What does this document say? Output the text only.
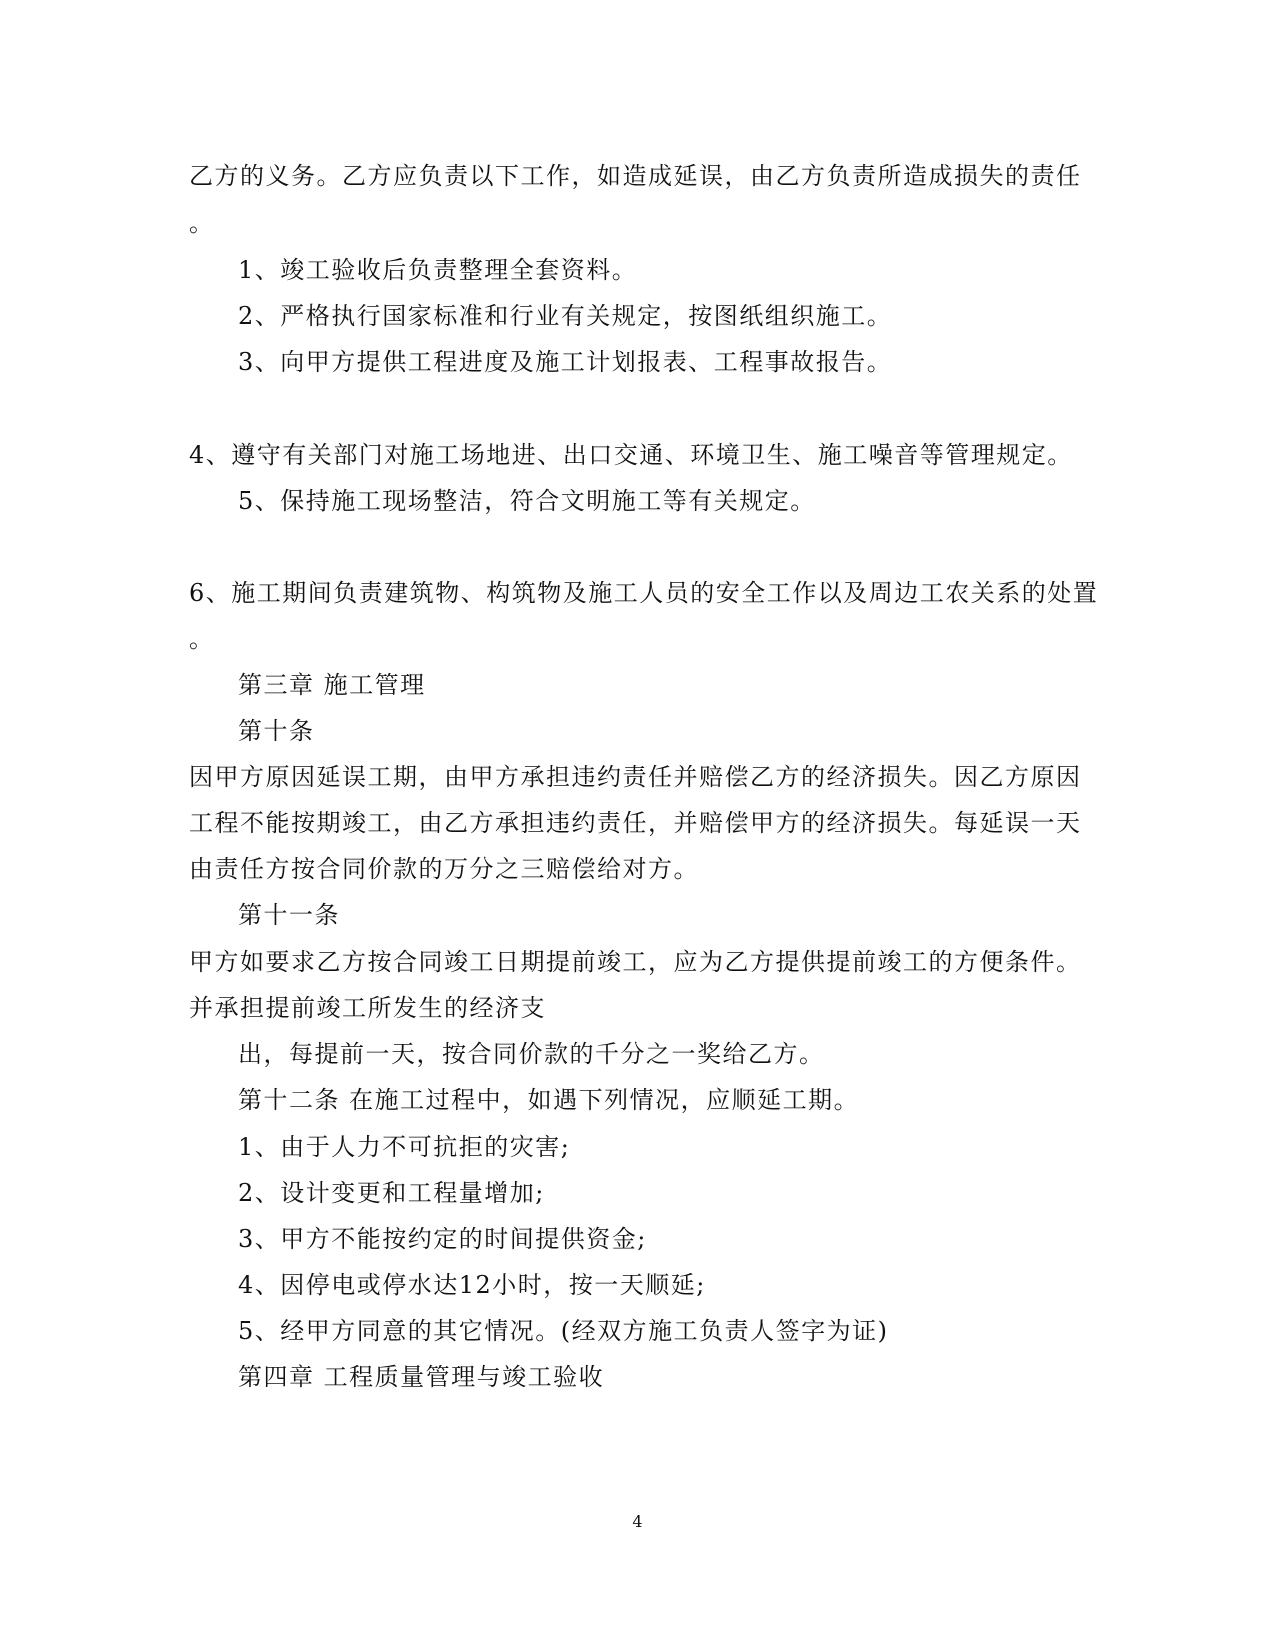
乙方的义务。乙方应负责以下工作，如造成延误，由乙方负责所造成损失的责任
。
1、竣工验收后负责整理全套资料。
2、严格执行国家标准和行业有关规定，按图纸组织施工。
3、向甲方提供工程进度及施工计划报表、工程事故报告。
4、遵守有关部门对施工场地进、出口交通、环境卫生、施工噪音等管理规定。
5、保持施工现场整洁，符合文明施工等有关规定。
6、施工期间负责建筑物、构筑物及施工人员的安全工作以及周边工农关系的处置
。
第三章 施工管理
第十条
因甲方原因延误工期，由甲方承担违约责任并赔偿乙方的经济损失。因乙方原因
工程不能按期竣工，由乙方承担违约责任，并赔偿甲方的经济损失。每延误一天
由责任方按合同价款的万分之三赔偿给对方。
第十一条
甲方如要求乙方按合同竣工日期提前竣工，应为乙方提供提前竣工的方便条件。
并承担提前竣工所发生的经济支
出，每提前一天，按合同价款的千分之一奖给乙方。
第十二条 在施工过程中，如遇下列情况，应顺延工期。
1、由于人力不可抗拒的灾害;
2、设计变更和工程量增加;
3、甲方不能按约定的时间提供资金;
4、因停电或停水达12小时，按一天顺延;
5、经甲方同意的其它情况。(经双方施工负责人签字为证)
第四章 工程质量管理与竣工验收
4
